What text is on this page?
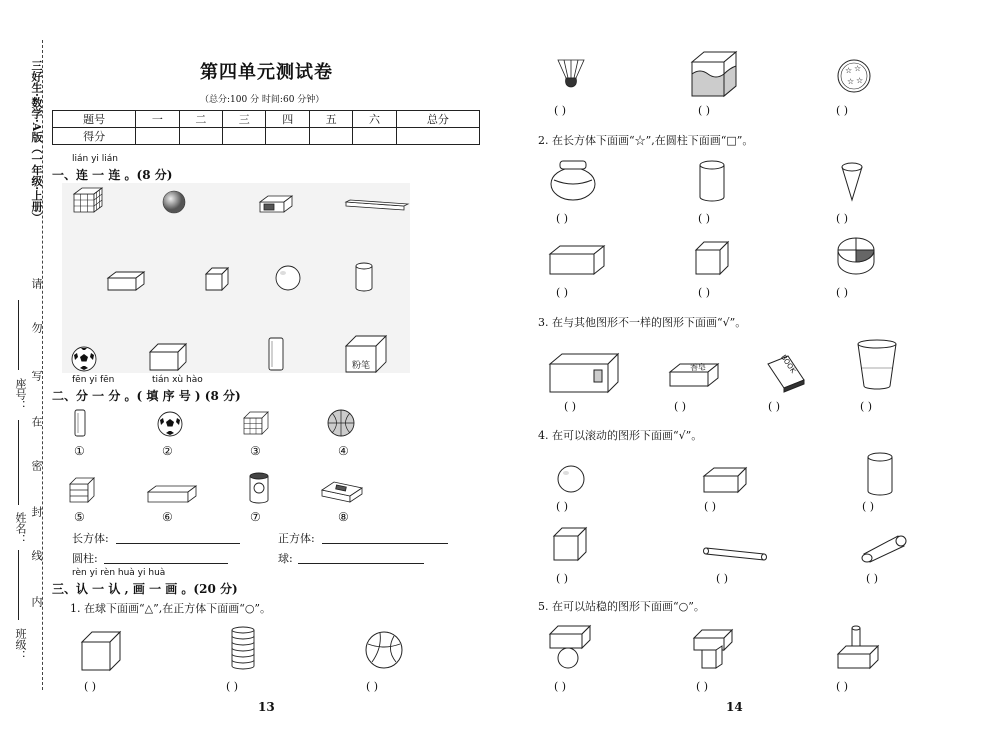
三好生·数学·A版（一年级·上册）
请
勿
写
在
密
封
线
内
座号：
姓名：
班级：
第四单元测试卷
（总分:100 分 时间:60 分钟）
题号	一	二	三	四	五	六	总分
得分							
lián yi lián
一、连 一 连 。(8 分)
粉笔
fēn yi fēn	tián xù hào
二、分 一 分 。( 填 序 号 ) (8 分)
①	②	③	④
⑤	⑥	⑦	⑧
长方体:	正方体:
圆柱:	球:
rèn yi rèn huà yi huà
三、认 一 认 , 画 一 画 。(20 分)
1. 在球下面画“△”,在正方体下面画“○”。
( )	( )	( )
13
☆ ☆
☆ ☆
( )	( )	( )
2. 在长方体下面画“☆”,在圆柱下面画“□”。
( )	( )	( )
( )	( )	( )
3. 在与其他图形不一样的图形下面画“√”。
香皂	BOOK
( )	( )	( )	( )
4. 在可以滚动的图形下面画“√”。
( )	( )	( )
( )	( )	( )
5. 在可以站稳的图形下面画“○”。
( )	( )	( )
14
